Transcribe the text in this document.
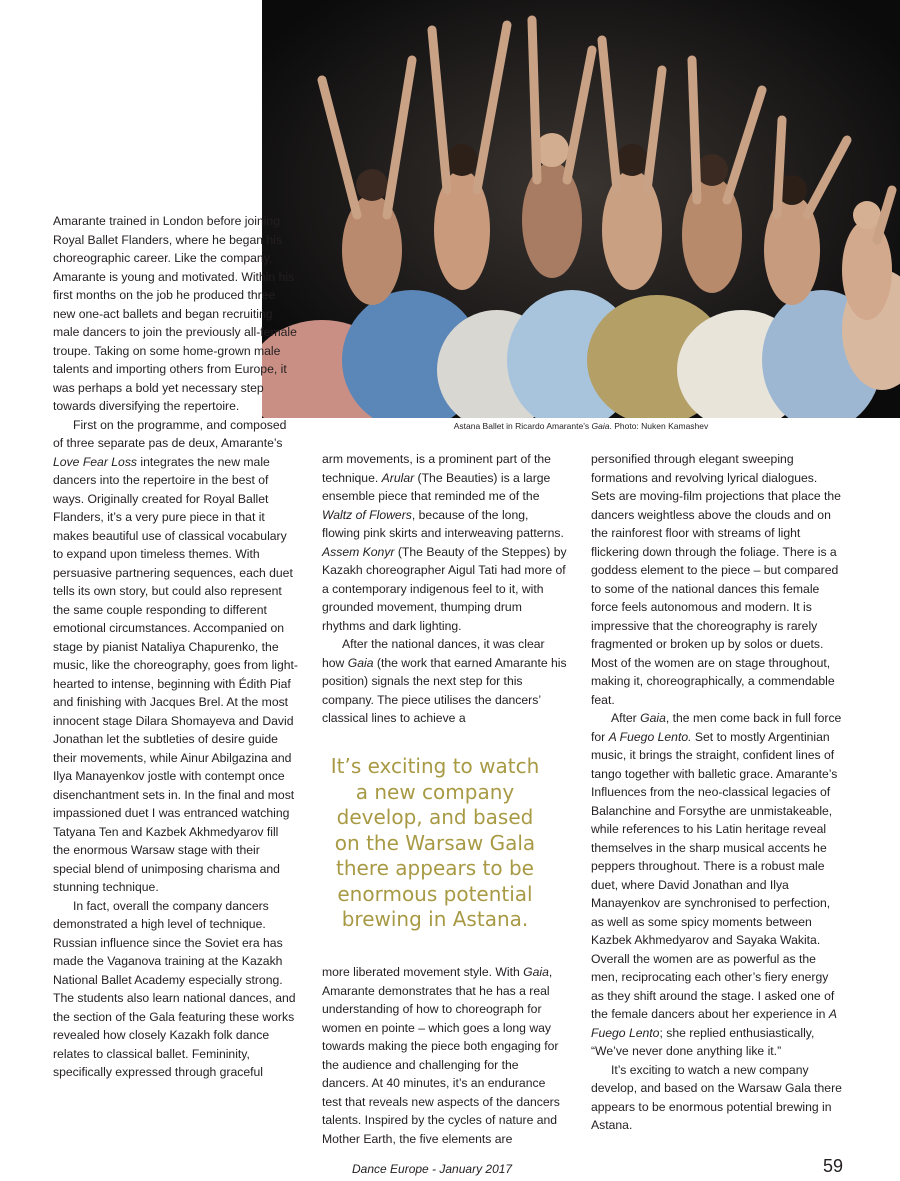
Astana Ballet in Ricardo Amarante’s Gaia. Photo: Nuken Kamashev

Amarante trained in London before joining Royal Ballet Flanders, where he began his choreographic career. Like the company, Amarante is young and motivated. Within his first months on the job he produced three new one-act ballets and began recruiting male dancers to join the previously all-female troupe. Taking on some home-grown male talents and importing others from Europe, it was perhaps a bold yet necessary step towards diversifying the repertoire.

First on the programme, and composed of three separate pas de deux, Amarante’s Love Fear Loss integrates the new male dancers into the repertoire in the best of ways. Originally created for Royal Ballet Flanders, it’s a very pure piece in that it makes beautiful use of classical vocabulary to expand upon timeless themes. With persuasive partnering sequences, each duet tells its own story, but could also represent the same couple responding to different emotional circumstances. Accompanied on stage by pianist Nataliya Chapurenko, the music, like the choreography, goes from light-hearted to intense, beginning with Édith Piaf and finishing with Jacques Brel. At the most innocent stage Dilara Shomayeva and David Jonathan let the subtleties of desire guide their movements, while Ainur Abilgazina and Ilya Manayenkov jostle with contempt once disenchantment sets in. In the final and most impassioned duet I was entranced watching Tatyana Ten and Kazbek Akhmedyarov fill the enormous Warsaw stage with their special blend of unimposing charisma and stunning technique.

In fact, overall the company dancers demonstrated a high level of technique. Russian influence since the Soviet era has made the Vaganova training at the Kazakh National Ballet Academy especially strong. The students also learn national dances, and the section of the Gala featuring these works revealed how closely Kazakh folk dance relates to classical ballet. Femininity, specifically expressed through graceful

arm movements, is a prominent part of the technique. Arular (The Beauties) is a large ensemble piece that reminded me of the Waltz of Flowers, because of the long, flowing pink skirts and interweaving patterns. Assem Konyr (The Beauty of the Steppes) by Kazakh choreographer Aigul Tati had more of a contemporary indigenous feel to it, with grounded movement, thumping drum rhythms and dark lighting.

After the national dances, it was clear how Gaia (the work that earned Amarante his position) signals the next step for this company. The piece utilises the dancers’ classical lines to achieve a

It’s exciting to watch a new company develop, and based on the Warsaw Gala there appears to be enormous potential brewing in Astana.

more liberated movement style. With Gaia, Amarante demonstrates that he has a real understanding of how to choreograph for women en pointe – which goes a long way towards making the piece both engaging for the audience and challenging for the dancers. At 40 minutes, it’s an endurance test that reveals new aspects of the dancers talents. Inspired by the cycles of nature and Mother Earth, the five elements are

personified through elegant sweeping formations and revolving lyrical dialogues. Sets are moving-film projections that place the dancers weightless above the clouds and on the rainforest floor with streams of light flickering down through the foliage. There is a goddess element to the piece – but compared to some of the national dances this female force feels autonomous and modern. It is impressive that the choreography is rarely fragmented or broken up by solos or duets. Most of the women are on stage throughout, making it, choreographically, a commendable feat.

After Gaia, the men come back in full force for A Fuego Lento. Set to mostly Argentinian music, it brings the straight, confident lines of tango together with balletic grace. Amarante’s Influences from the neo-classical legacies of Balanchine and Forsythe are unmistakeable, while references to his Latin heritage reveal themselves in the sharp musical accents he peppers throughout. There is a robust male duet, where David Jonathan and Ilya Manayenkov are synchronised to perfection, as well as some spicy moments between Kazbek Akhmedyarov and Sayaka Wakita. Overall the women are as powerful as the men, reciprocating each other’s fiery energy as they shift around the stage. I asked one of the female dancers about her experience in A Fuego Lento; she replied enthusiastically, “We’ve never done anything like it.”

It’s exciting to watch a new company develop, and based on the Warsaw Gala there appears to be enormous potential brewing in Astana.

Dance Europe - January 2017	59
